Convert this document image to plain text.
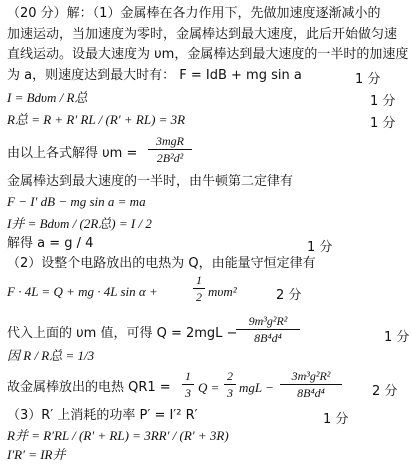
（20 分）解：（1）金属棒在各力作用下，先做加速度逐渐减小的
加速运动，当加速度为零时，金属棒达到最大速度，此后开始做匀速
直线运动。设最大速度为 υm，金属棒达到最大速度的一半时的加速度
为 a，则速度达到最大时有： F = IdB + mg sin a	1 分
I = Bdυm / R总	1 分
R总 = R + R′ RL / (R′ + RL) = 3R	1 分
由以上各式解得 υm =
3mgR
2B²d²
金属棒达到最大速度的一半时，由牛顿第二定律有
F − I′ dB − mg sin a = ma
I并 = Bdυm / (2R总) = I / 2
解得 a = g / 4	1 分
（2）设整个电路放出的电热为 Q，由能量守恒定律有
F · 4L = Q + mg · 4L sin α +
1
2 mυm²	2 分
代入上面的 υm 值，可得 Q = 2mgL −
9m³g²R²
8B⁴d⁴	1 分
因 R / R总 = 1/3
故金属棒放出的电热 QR1 =
1
3 Q =
2
3 mgL −
3m³g²R²
8B⁴d⁴	2 分
（3）R′ 上消耗的功率 P′ = I′² R′	1 分
R并 = R′RL / (R′ + RL) = 3RR′ / (R′ + 3R)
I′R′ = IR并
